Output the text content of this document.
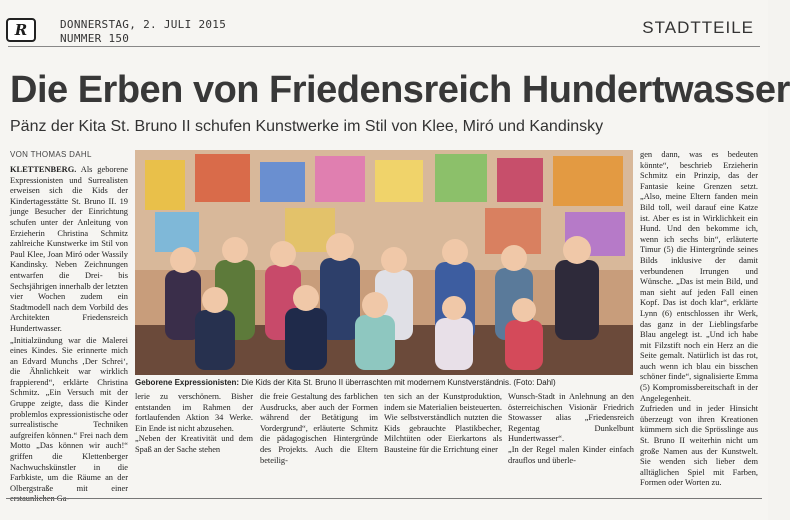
R	DONNERSTAG, 2. JULI 2015
NUMMER 150
STADTTEILE
Die Erben von Friedensreich Hundertwasser
Pänz der Kita St. Bruno II schufen Kunstwerke im Stil von Klee, Miró und Kandinsky
VON THOMAS DAHL

KLETTENBERG. Als geborene Expressionisten und Surrealisten erweisen sich die Kids der Kindertagesstätte St. Bruno II. 19 junge Besucher der Einrichtung schufen unter der Anleitung von Erzieherin Christina Schmitz zahlreiche Kunstwerke im Stil von Paul Klee, Joan Miró oder Wassily Kandinsky. Neben Zeichnungen entwarfen die Drei- bis Sechsjährigen innerhalb der letzten vier Wochen zudem ein Stadtmodell nach dem Vorbild des Architekten Friedensreich Hundertwasser.

„Initialzündung war die Malerei eines Kindes. Sie erinnerte mich an Edvard Munchs ‚Der Schrei‘, die Ähnlichkeit war wirklich frappierend“, erklärte Christina Schmitz. „Ein Versuch mit der Gruppe zeigte, dass die Kinder problemlos expressionistische oder surrealistische Techniken aufgreifen können.“ Frei nach dem Motto „Das können wir auch!“ griffen die Klettenberger Nachwuchskünstler in die Farbkiste, um die Räume an der Olbergstraße mit einer erstaunlichen Ga-

Geborene Expressionisten: Die Kids der Kita St. Bruno II überraschten mit modernem Kunstverständnis. (Foto: Dahl)

lerie zu verschönern. Bisher entstanden im Rahmen der fortlaufenden Aktion 34 Werke. Ein Ende ist nicht abzusehen.
„Neben der Kreativität und dem Spaß an der Sache stehen

die freie Gestaltung des farblichen Ausdrucks, aber auch der Formen während der Betätigung im Vordergrund“, erläuterte Schmitz die pädagogischen Hintergründe des Projekts. Auch die Eltern beteilig-

ten sich an der Kunstproduktion, indem sie Materialien beisteuerten. Wie selbstverständlich nutzten die Kids gebrauchte Plastikbecher, Milchtüten oder Eierkartons als Bausteine für die Errichtung einer

Wunsch-Stadt in Anlehnung an den österreichischen Visionär Friedrich Stowasser alias „Friedensreich Regentag Dunkelbunt Hundertwasser“.
„In der Regel malen Kinder einfach drauflos und überle-

gen dann, was es bedeuten könnte“, beschrieb Erzieherin Schmitz ein Prinzip, das der Fantasie keine Grenzen setzt. „Also, meine Eltern fanden mein Bild toll, weil darauf eine Katze ist. Aber es ist in Wirklichkeit ein Hund. Und den bekomme ich, wenn ich sechs bin“, erläuterte Timur (5) die Hintergründe seines Bilds inklusive der damit verbundenen Irrungen und Wünsche. „Das ist mein Bild, und man sieht auf jeden Fall einen Kopf. Das ist doch klar“, erklärte Lynn (6) entschlossen ihr Werk, das ganz in der Lieblingsfarbe Blau angelegt ist. „Und ich habe mit Filzstift noch ein Herz an die Seite gemalt. Natürlich ist das rot, auch wenn ich blau ein bisschen schöner finde“, signalisierte Emma (5) Kompromissbereitschaft in der Angelegenheit.
Zufrieden und in jeder Hinsicht überzeugt von ihren Kreationen kümmern sich die Sprösslinge aus St. Bruno II weiterhin nicht um große Namen aus der Kunstwelt. Sie wenden sich lieber dem alltäglichen Spiel mit Farben, Formen oder Worten zu.
